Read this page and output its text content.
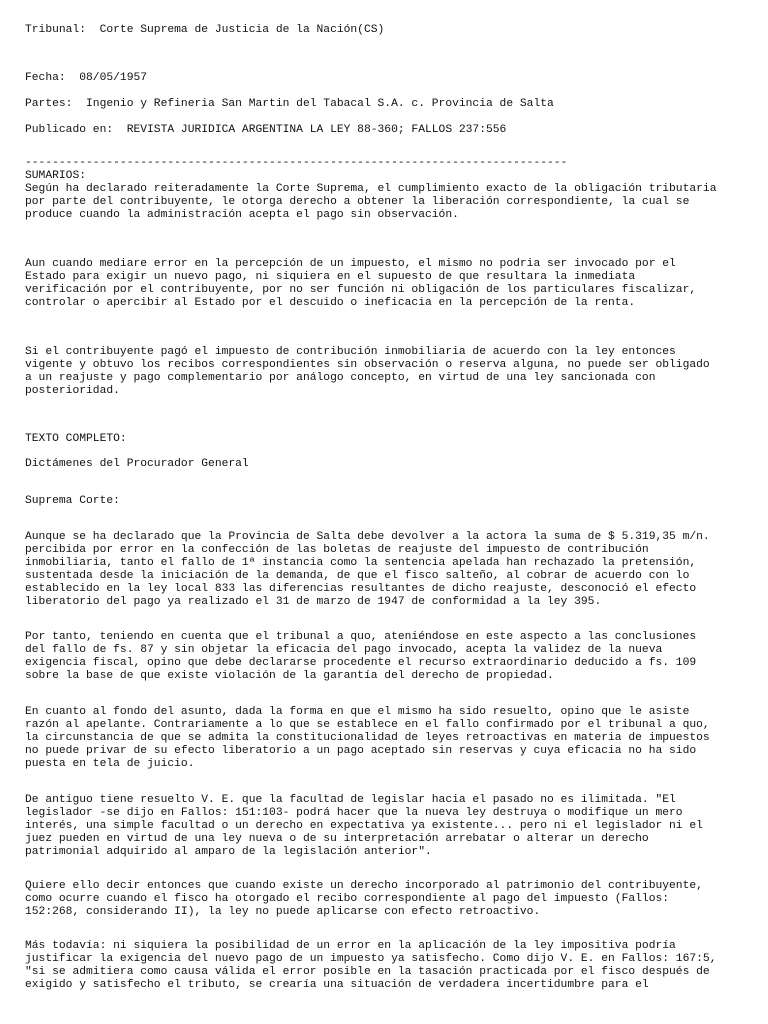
Tribunal:  Corte Suprema de Justicia de la Nación(CS)
Fecha:  08/05/1957
Partes:  Ingenio y Refineria San Martin del Tabacal S.A. c. Provincia de Salta
Publicado en:  REVISTA JURIDICA ARGENTINA LA LEY 88-360; FALLOS 237:556
--------------------------------------------------------------------------------
SUMARIOS:
Según ha declarado reiteradamente la Corte Suprema, el cumplimiento exacto de la obligación tributaria
por parte del contribuyente, le otorga derecho a obtener la liberación correspondiente, la cual se
produce cuando la administración acepta el pago sin observación.
Aun cuando mediare error en la percepción de un impuesto, el mismo no podria ser invocado por el
Estado para exigir un nuevo pago, ni siquiera en el supuesto de que resultara la inmediata
verificación por el contribuyente, por no ser función ni obligación de los particulares fiscalizar,
controlar o apercibir al Estado por el descuido o ineficacia en la percepción de la renta.
Si el contribuyente pagó el impuesto de contribución inmobiliaria de acuerdo con la ley entonces
vigente y obtuvo los recibos correspondientes sin observación o reserva alguna, no puede ser obligado
a un reajuste y pago complementario por análogo concepto, en virtud de una ley sancionada con
posterioridad.
TEXTO COMPLETO:
Dictámenes del Procurador General
Suprema Corte:
Aunque se ha declarado que la Provincia de Salta debe devolver a la actora la suma de $ 5.319,35 m/n.
percibida por error en la confección de las boletas de reajuste del impuesto de contribución
inmobiliaria, tanto el fallo de 1ª instancia como la sentencia apelada han rechazado la pretensión,
sustentada desde la iniciación de la demanda, de que el fisco salteño, al cobrar de acuerdo con lo
establecido en la ley local 833 las diferencias resultantes de dicho reajuste, desconoció el efecto
liberatorio del pago ya realizado el 31 de marzo de 1947 de conformidad a la ley 395.
Por tanto, teniendo en cuenta que el tribunal a quo, ateniéndose en este aspecto a las conclusiones
del fallo de fs. 87 y sin objetar la eficacia del pago invocado, acepta la validez de la nueva
exigencia fiscal, opino que debe declararse procedente el recurso extraordinario deducido a fs. 109
sobre la base de que existe violación de la garantía del derecho de propiedad.
En cuanto al fondo del asunto, dada la forma en que el mismo ha sido resuelto, opino que le asiste
razón al apelante. Contrariamente a lo que se establece en el fallo confirmado por el tribunal a quo,
la circunstancia de que se admita la constitucionalidad de leyes retroactivas en materia de impuestos
no puede privar de su efecto liberatorio a un pago aceptado sin reservas y cuya eficacia no ha sido
puesta en tela de juicio.
De antiguo tiene resuelto V. E. que la facultad de legislar hacia el pasado no es ilimitada. "El
legislador -se dijo en Fallos: 151:103- podrá hacer que la nueva ley destruya o modifique un mero
interés, una simple facultad o un derecho en expectativa ya existente... pero ni el legislador ni el
juez pueden en virtud de una ley nueva o de su interpretación arrebatar o alterar un derecho
patrimonial adquirido al amparo de la legislación anterior".
Quiere ello decir entonces que cuando existe un derecho incorporado al patrimonio del contribuyente,
como ocurre cuando el fisco ha otorgado el recibo correspondiente al pago del impuesto (Fallos:
152:268, considerando II), la ley no puede aplicarse con efecto retroactivo.
Más todavía: ni siquiera la posibilidad de un error en la aplicación de la ley impositiva podría
justificar la exigencia del nuevo pago de un impuesto ya satisfecho. Como dijo V. E. en Fallos: 167:5,
"si se admitiera como causa válida el error posible en la tasación practicada por el fisco después de
exigido y satisfecho el tributo, se crearía una situación de verdadera incertidumbre para el
